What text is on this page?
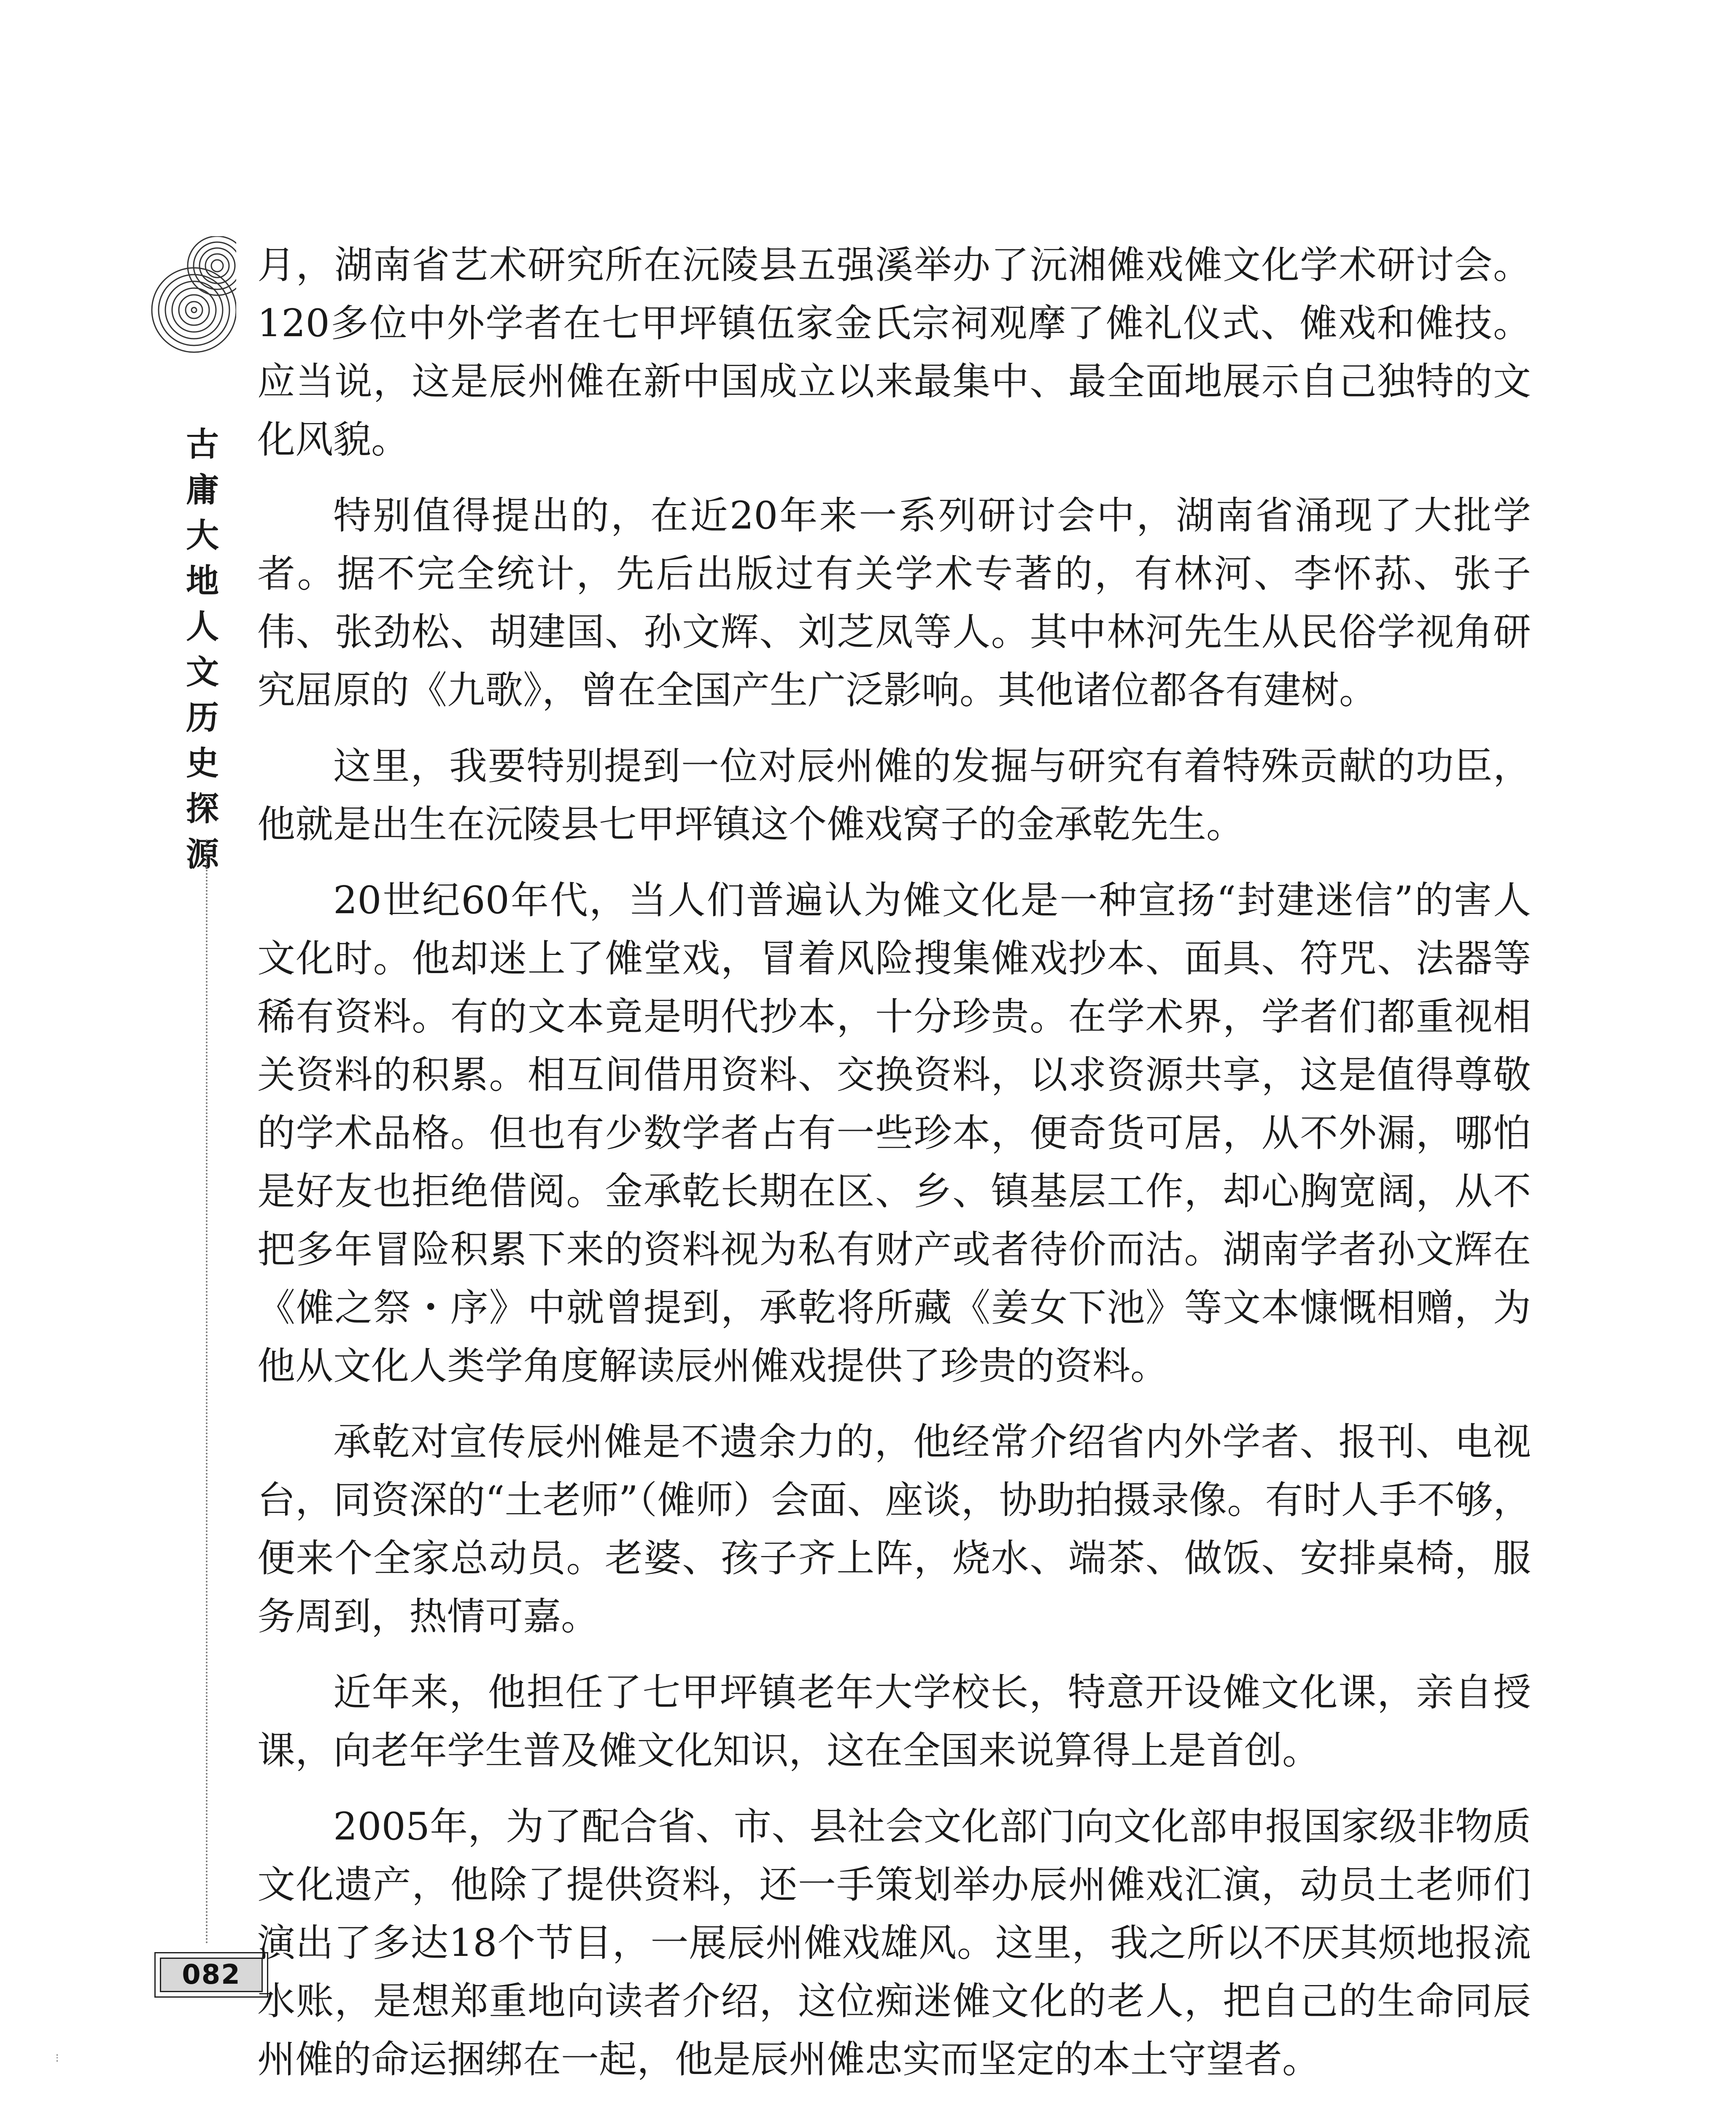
古庸大地人文历史探源
082

月，湖南省艺术研究所在沅陵县五强溪举办了沅湘傩戏傩文化学术研讨会。120多位中外学者在七甲坪镇伍家金氏宗祠观摩了傩礼仪式、傩戏和傩技。应当说，这是辰州傩在新中国成立以来最集中、最全面地展示自己独特的文化风貌。

特别值得提出的，在近20年来一系列研讨会中，湖南省涌现了大批学者。据不完全统计，先后出版过有关学术专著的，有林河、李怀荪、张子伟、张劲松、胡建国、孙文辉、刘芝凤等人。其中林河先生从民俗学视角研究屈原的《九歌》，曾在全国产生广泛影响。其他诸位都各有建树。

这里，我要特别提到一位对辰州傩的发掘与研究有着特殊贡献的功臣，他就是出生在沅陵县七甲坪镇这个傩戏窝子的金承乾先生。

20世纪60年代，当人们普遍认为傩文化是一种宣扬“封建迷信”的害人文化时。他却迷上了傩堂戏，冒着风险搜集傩戏抄本、面具、符咒、法器等稀有资料。有的文本竟是明代抄本，十分珍贵。在学术界，学者们都重视相关资料的积累。相互间借用资料、交换资料，以求资源共享，这是值得尊敬的学术品格。但也有少数学者占有一些珍本，便奇货可居，从不外漏，哪怕是好友也拒绝借阅。金承乾长期在区、乡、镇基层工作，却心胸宽阔，从不把多年冒险积累下来的资料视为私有财产或者待价而沽。湖南学者孙文辉在《傩之祭・序》中就曾提到，承乾将所藏《姜女下池》等文本慷慨相赠，为他从文化人类学角度解读辰州傩戏提供了珍贵的资料。

承乾对宣传辰州傩是不遗余力的，他经常介绍省内外学者、报刊、电视台，同资深的“土老师”（傩师）会面、座谈，协助拍摄录像。有时人手不够，便来个全家总动员。老婆、孩子齐上阵，烧水、端茶、做饭、安排桌椅，服务周到，热情可嘉。

近年来，他担任了七甲坪镇老年大学校长，特意开设傩文化课，亲自授课，向老年学生普及傩文化知识，这在全国来说算得上是首创。

2005年，为了配合省、市、县社会文化部门向文化部申报国家级非物质文化遗产，他除了提供资料，还一手策划举办辰州傩戏汇演，动员土老师们演出了多达18个节目，一展辰州傩戏雄风。这里，我之所以不厌其烦地报流水账，是想郑重地向读者介绍，这位痴迷傩文化的老人，把自己的生命同辰州傩的命运捆绑在一起，他是辰州傩忠实而坚定的本土守望者。
